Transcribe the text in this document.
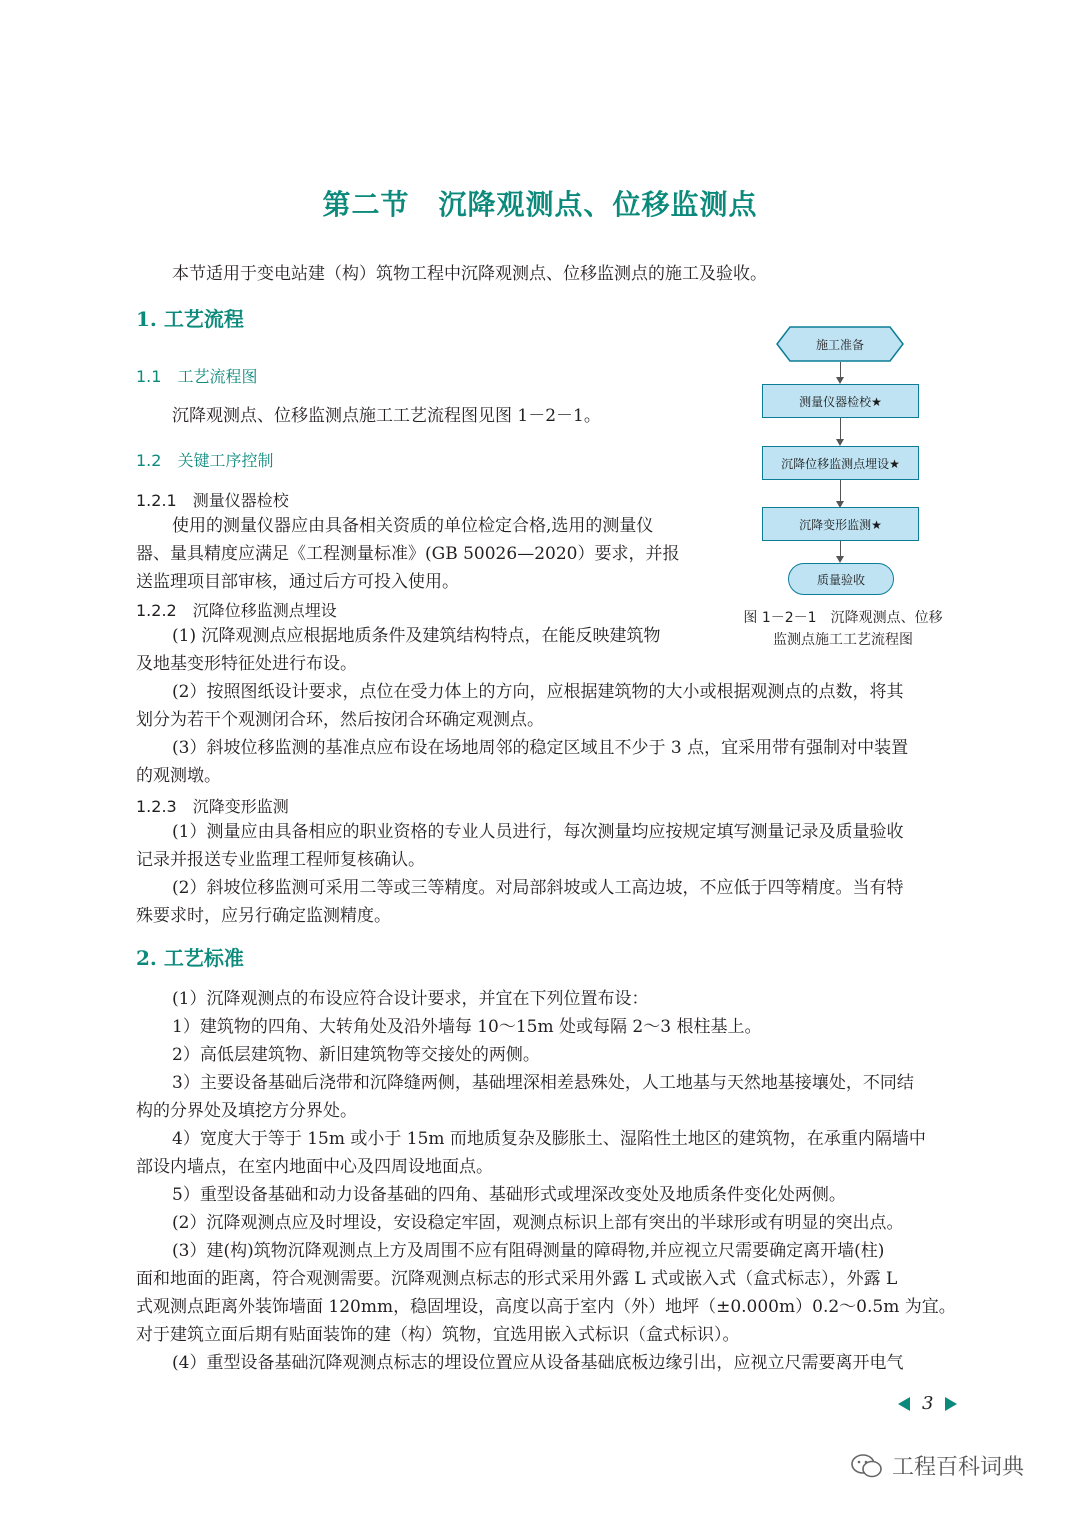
第二节　沉降观测点、位移监测点

本节适用于变电站建（构）筑物工程中沉降观测点、位移监测点的施工及验收。

1. 工艺流程
1.1　工艺流程图

沉降观测点、位移监测点施工工艺流程图见图 1－2－1。

1.2　关键工序控制
1.2.1　测量仪器检校

使用的测量仪器应由具备相关资质的单位检定合格,选用的测量仪
器、量具精度应满足《工程测量标准》(GB 50026—2020）要求，并报
送监理项目部审核，通过后方可投入使用。

1.2.2　沉降位移监测点埋设

(1) 沉降观测点应根据地质条件及建筑结构特点，在能反映建筑物
及地基变形特征处进行布设。

(2）按照图纸设计要求，点位在受力体上的方向，应根据建筑物的大小或根据观测点的点数，将其
划分为若干个观测闭合环，然后按闭合环确定观测点。

(3）斜坡位移监测的基准点应布设在场地周邻的稳定区域且不少于 3 点，宜采用带有强制对中装置
的观测墩。

1.2.3　沉降变形监测

(1）测量应由具备相应的职业资格的专业人员进行，每次测量均应按规定填写测量记录及质量验收
记录并报送专业监理工程师复核确认。

(2）斜坡位移监测可采用二等或三等精度。对局部斜坡或人工高边坡，不应低于四等精度。当有特
殊要求时，应另行确定监测精度。

2. 工艺标准

(1）沉降观测点的布设应符合设计要求，并宜在下列位置布设：
1）建筑物的四角、大转角处及沿外墙每 10～15m 处或每隔 2～3 根柱基上。
2）高低层建筑物、新旧建筑物等交接处的两侧。
3）主要设备基础后浇带和沉降缝两侧，基础埋深相差悬殊处，人工地基与天然地基接壤处，不同结
构的分界处及填挖方分界处。
4）宽度大于等于 15m 或小于 15m 而地质复杂及膨胀土、湿陷性土地区的建筑物，在承重内隔墙中
部设内墙点，在室内地面中心及四周设地面点。
5）重型设备基础和动力设备基础的四角、基础形式或埋深改变处及地质条件变化处两侧。
(2）沉降观测点应及时埋设，安设稳定牢固，观测点标识上部有突出的半球形或有明显的突出点。
(3）建(构)筑物沉降观测点上方及周围不应有阻碍测量的障碍物,并应视立尺需要确定离开墙(柱)
面和地面的距离，符合观测需要。沉降观测点标志的形式采用外露 L 式或嵌入式（盒式标志），外露 L
式观测点距离外装饰墙面 120mm，稳固埋设，高度以高于室内（外）地坪（±0.000m）0.2～0.5m 为宜。
对于建筑立面后期有贴面装饰的建（构）筑物，宜选用嵌入式标识（盒式标识）。
(4）重型设备基础沉降观测点标志的埋设位置应从设备基础底板边缘引出，应视立尺需要离开电气

施工准备
测量仪器检校★
沉降位移监测点埋设★
沉降变形监测★
质量验收
图 1－2－1　沉降观测点、位移
监测点施工工艺流程图
3
工程百科词典
